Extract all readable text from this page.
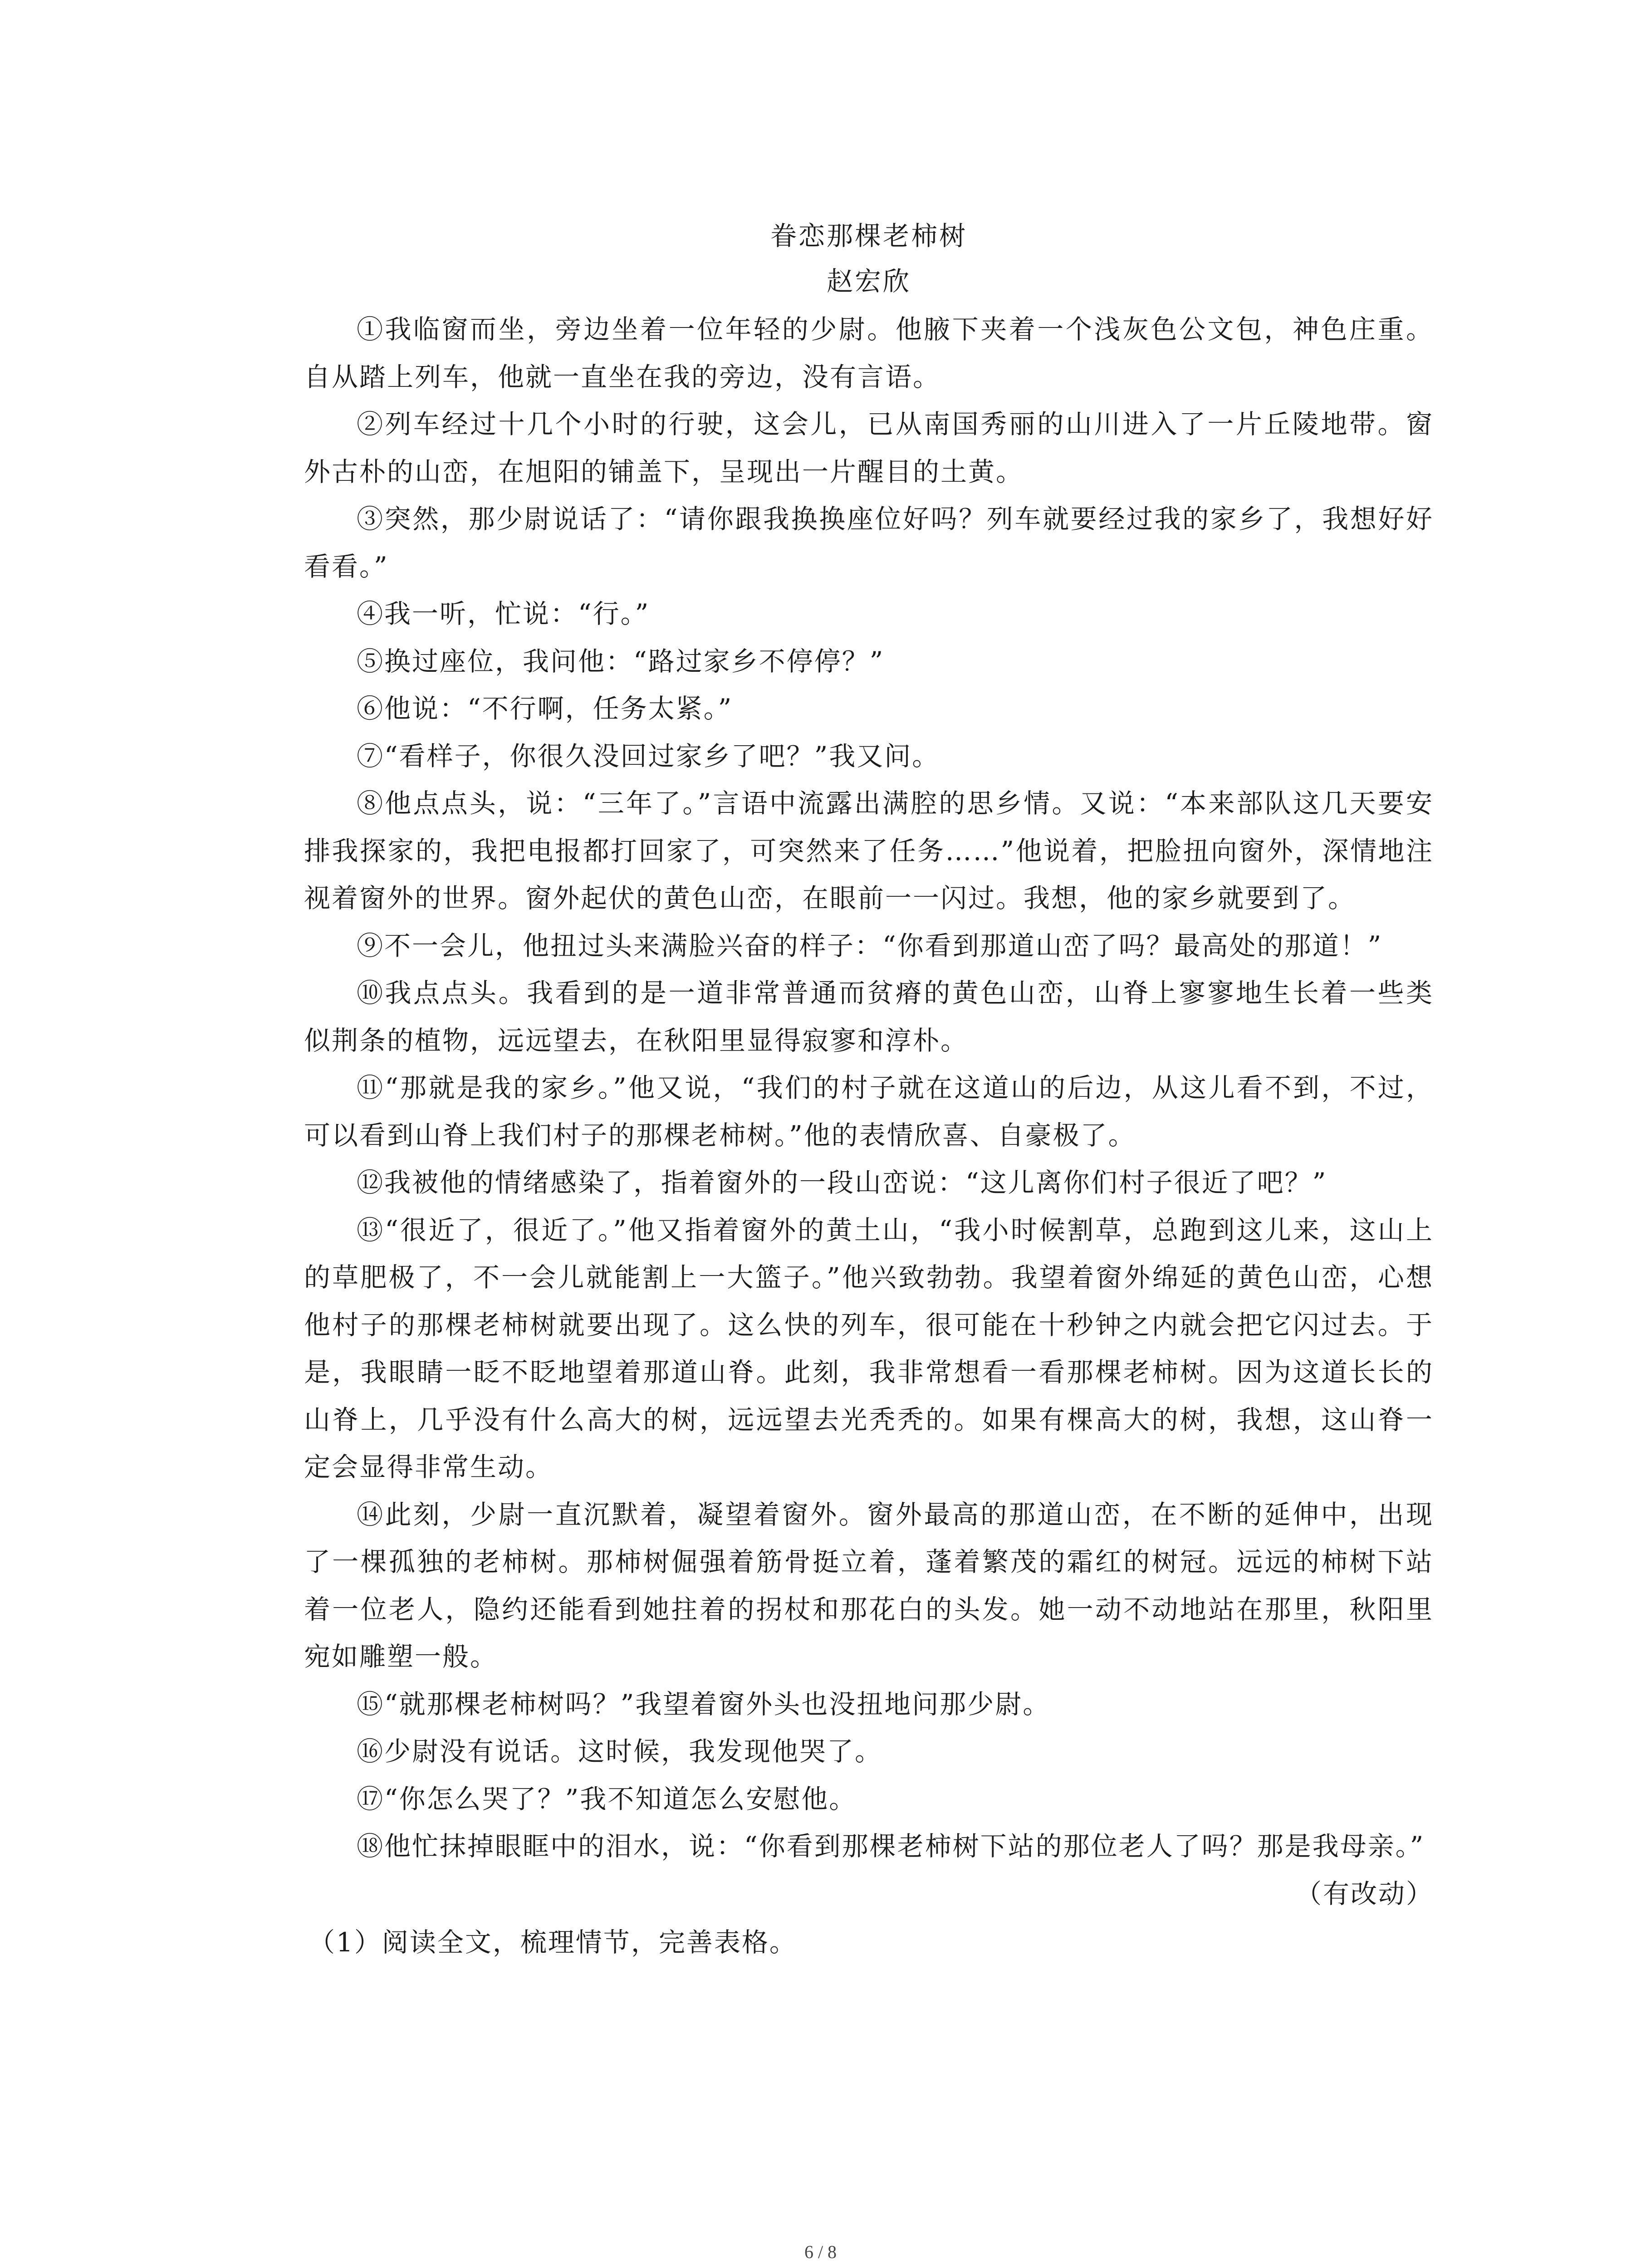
眷恋那棵老柿树

赵宏欣

①我临窗而坐，旁边坐着一位年轻的少尉。他腋下夹着一个浅灰色公文包，神色庄重。自从踏上列车，他就一直坐在我的旁边，没有言语。

②列车经过十几个小时的行驶，这会儿，已从南国秀丽的山川进入了一片丘陵地带。窗外古朴的山峦，在旭阳的铺盖下，呈现出一片醒目的土黄。

③突然，那少尉说话了：“请你跟我换换座位好吗？列车就要经过我的家乡了，我想好好看看。”

④我一听，忙说：“行。”

⑤换过座位，我问他：“路过家乡不停停？”

⑥他说：“不行啊，任务太紧。”

⑦“看样子，你很久没回过家乡了吧？”我又问。

⑧他点点头，说：“三年了。”言语中流露出满腔的思乡情。又说：“本来部队这几天要安排我探家的，我把电报都打回家了，可突然来了任务……”他说着，把脸扭向窗外，深情地注视着窗外的世界。窗外起伏的黄色山峦，在眼前一一闪过。我想，他的家乡就要到了。

⑨不一会儿，他扭过头来满脸兴奋的样子：“你看到那道山峦了吗？最高处的那道！”

⑩我点点头。我看到的是一道非常普通而贫瘠的黄色山峦，山脊上寥寥地生长着一些类似荆条的植物，远远望去，在秋阳里显得寂寥和淳朴。

⑪“那就是我的家乡。”他又说，“我们的村子就在这道山的后边，从这儿看不到，不过，可以看到山脊上我们村子的那棵老柿树。”他的表情欣喜、自豪极了。

⑫我被他的情绪感染了，指着窗外的一段山峦说：“这儿离你们村子很近了吧？”

⑬“很近了，很近了。”他又指着窗外的黄土山，“我小时候割草，总跑到这儿来，这山上的草肥极了，不一会儿就能割上一大篮子。”他兴致勃勃。我望着窗外绵延的黄色山峦，心想他村子的那棵老柿树就要出现了。这么快的列车，很可能在十秒钟之内就会把它闪过去。于是，我眼睛一眨不眨地望着那道山脊。此刻，我非常想看一看那棵老柿树。因为这道长长的山脊上，几乎没有什么高大的树，远远望去光秃秃的。如果有棵高大的树，我想，这山脊一定会显得非常生动。

⑭此刻，少尉一直沉默着，凝望着窗外。窗外最高的那道山峦，在不断的延伸中，出现了一棵孤独的老柿树。那柿树倔强着筋骨挺立着，蓬着繁茂的霜红的树冠。远远的柿树下站着一位老人，隐约还能看到她拄着的拐杖和那花白的头发。她一动不动地站在那里，秋阳里宛如雕塑一般。

⑮“就那棵老柿树吗？”我望着窗外头也没扭地问那少尉。

⑯少尉没有说话。这时候，我发现他哭了。

⑰“你怎么哭了？”我不知道怎么安慰他。

⑱他忙抹掉眼眶中的泪水，说：“你看到那棵老柿树下站的那位老人了吗？那是我母亲。”

（有改动）

（1）阅读全文，梳理情节，完善表格。

6 / 8
